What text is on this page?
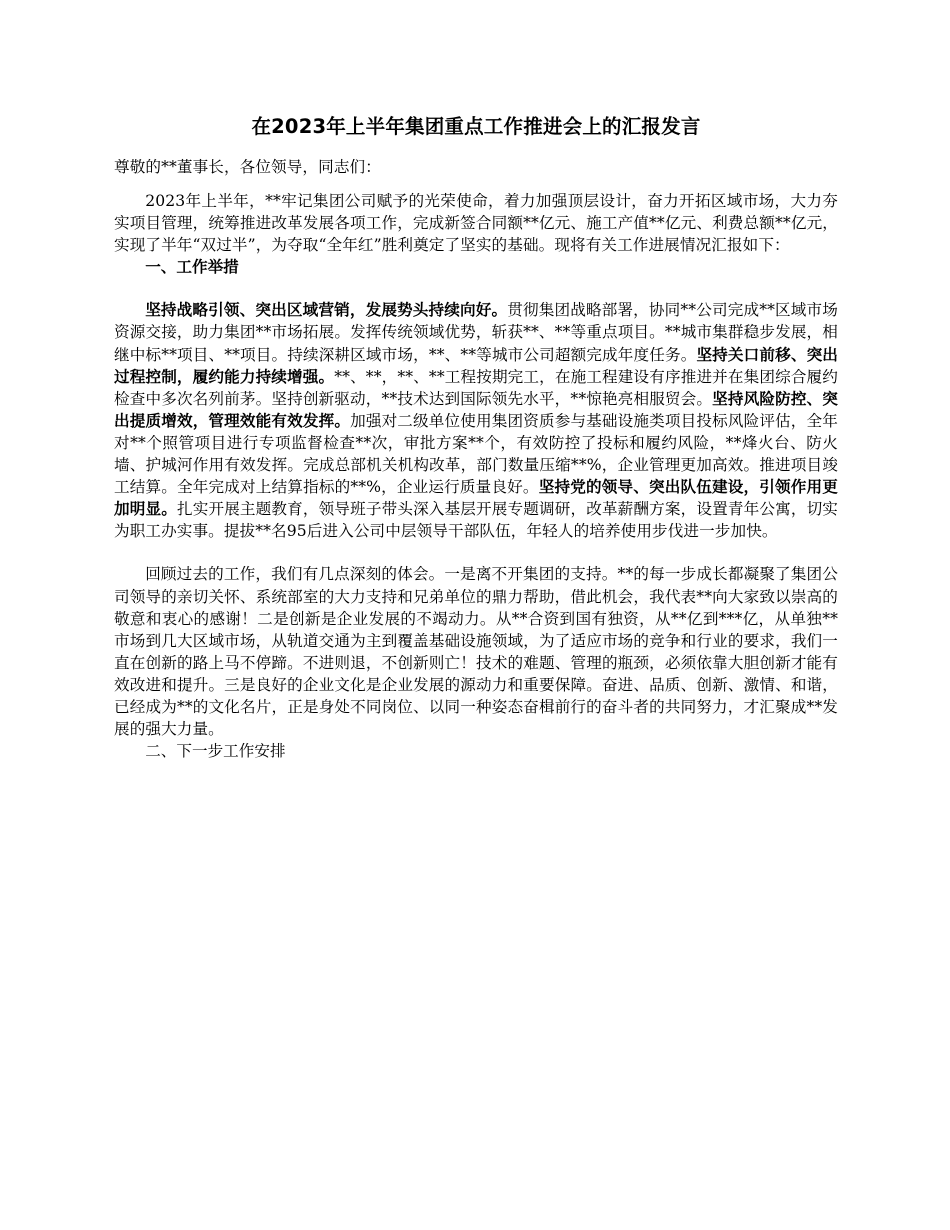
在2023年上半年集团重点工作推进会上的汇报发言

尊敬的**董事长，各位领导，同志们：

2023年上半年，**牢记集团公司赋予的光荣使命，着力加强顶层设计，奋力开拓区域市场，大力夯实项目管理，统筹推进改革发展各项工作，完成新签合同额**亿元、施工产值**亿元、利费总额**亿元，实现了半年“双过半”，为夺取“全年红”胜利奠定了坚实的基础。现将有关工作进展情况汇报如下：

一、工作举措

坚持战略引领、突出区域营销，发展势头持续向好。贯彻集团战略部署，协同**公司完成**区域市场资源交接，助力集团**市场拓展。发挥传统领域优势，斩获**、**等重点项目。**城市集群稳步发展，相继中标**项目、**项目。持续深耕区域市场，**、**等城市公司超额完成年度任务。坚持关口前移、突出过程控制，履约能力持续增强。**、**，**、**工程按期完工，在施工程建设有序推进并在集团综合履约检查中多次名列前茅。坚持创新驱动，**技术达到国际领先水平，**惊艳亮相服贸会。坚持风险防控、突出提质增效，管理效能有效发挥。加强对二级单位使用集团资质参与基础设施类项目投标风险评估，全年对**个照管项目进行专项监督检查**次，审批方案**个，有效防控了投标和履约风险，**烽火台、防火墙、护城河作用有效发挥。完成总部机关机构改革，部门数量压缩**%，企业管理更加高效。推进项目竣工结算。全年完成对上结算指标的**%，企业运行质量良好。坚持党的领导、突出队伍建设，引领作用更加明显。扎实开展主题教育，领导班子带头深入基层开展专题调研，改革薪酬方案，设置青年公寓，切实为职工办实事。提拔**名95后进入公司中层领导干部队伍，年轻人的培养使用步伐进一步加快。

回顾过去的工作，我们有几点深刻的体会。一是离不开集团的支持。**的每一步成长都凝聚了集团公司领导的亲切关怀、系统部室的大力支持和兄弟单位的鼎力帮助，借此机会，我代表**向大家致以崇高的敬意和衷心的感谢！二是创新是企业发展的不竭动力。从**合资到国有独资，从**亿到***亿，从单独**市场到几大区域市场，从轨道交通为主到覆盖基础设施领域，为了适应市场的竞争和行业的要求，我们一直在创新的路上马不停蹄。不进则退，不创新则亡！技术的难题、管理的瓶颈，必须依靠大胆创新才能有效改进和提升。三是良好的企业文化是企业发展的源动力和重要保障。奋进、品质、创新、激情、和谐，已经成为**的文化名片，正是身处不同岗位、以同一种姿态奋楫前行的奋斗者的共同努力，才汇聚成**发展的强大力量。

二、下一步工作安排
